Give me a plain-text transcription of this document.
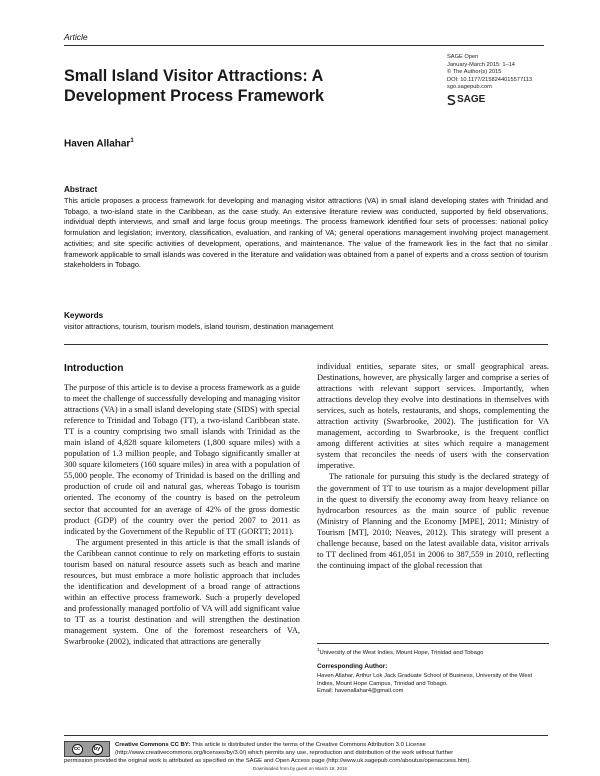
Article
Small Island Visitor Attractions: A Development Process Framework
SAGE Open
January-March 2015: 1–14
© The Author(s) 2015
DOI: 10.1177/2158244015577113
sgo.sagepub.com
SAGE
Haven Allahar$^1$
Abstract
This article proposes a process framework for developing and managing visitor attractions (VA) in small island developing states with Trinidad and Tobago, a two-island state in the Caribbean, as the case study. An extensive literature review was conducted, supported by field observations, individual depth interviews, and small and large focus group meetings. The process framework identified four sets of processes: national policy formulation and legislation; inventory, classification, evaluation, and ranking of VA; general operations management involving project management activities; and site specific activities of development, operations, and maintenance. The value of the framework lies in the fact that no similar framework applicable to small islands was covered in the literature and validation was obtained from a panel of experts and a cross section of tourism stakeholders in Tobago.
Keywords
visitor attractions, tourism, tourism models, island tourism, destination management
Introduction

The purpose of this article is to devise a process framework as a guide to meet the challenge of successfully developing and managing visitor attractions (VA) in a small island developing state (SIDS) with special reference to Trinidad and Tobago (TT), a two-island Caribbean state. TT is a country comprising two small islands with Trinidad as the main island of 4,828 square kilometers (1,800 square miles) with a population of 1.3 million people, and Tobago significantly smaller at 300 square kilometers (160 square miles) in area with a population of 55,000 people. The economy of Trinidad is based on the drilling and production of crude oil and natural gas, whereas Tobago is tourism oriented. The economy of the country is based on the petroleum sector that accounted for an average of 42% of the gross domestic product (GDP) of the country over the period 2007 to 2011 as indicated by the Government of the Republic of TT (GORTT; 2011).

The argument presented in this article is that the small islands of the Caribbean cannot continue to rely on marketing efforts to sustain tourism based on natural resource assets such as beach and marine resources, but must embrace a more holistic approach that includes the identification and development of a broad range of attractions within an effective process framework. Such a properly developed and professionally managed portfolio of VA will add significant value to TT as a tourist destination and will strengthen the destination management system. One of the foremost researchers of VA, Swarbrooke (2002), indicated that attractions are generally

individual entities, separate sites, or small geographical areas. Destinations, however, are physically larger and comprise a series of attractions with relevant support services. Importantly, when attractions develop they evolve into destinations in themselves with services, such as hotels, restaurants, and shops, complementing the attraction activity (Swarbrooke, 2002). The justification for VA management, according to Swarbrooke, is the frequent conflict among different activities at sites which require a management system that reconciles the needs of users with the conservation imperative.

The rationale for pursuing this study is the declared strategy of the government of TT to use tourism as a major development pillar in the quest to diversify the economy away from heavy reliance on hydrocarbon resources as the main source of public revenue (Ministry of Planning and the Economy [MPE], 2011; Ministry of Tourism [MT], 2010; Neaves, 2012). This strategy will present a challenge because, based on the latest available data, visitor arrivals to TT declined from 461,051 in 2006 to 387,559 in 2010, reflecting the continuing impact of the global recession that

$^1$University of the West Indies, Mount Hope, Trinidad and Tobago
Corresponding Author:
Haven Allahar, Arthur Lok Jack Graduate School of Business, University of the West Indies, Mount Hope Campus, Trinidad and Tobago.
Email: havenallahar4@gmail.com
cc	by
Creative Commons CC BY: This article is distributed under the terms of the Creative Commons Attribution 3.0 License (http://www.creativecommons.org/licenses/by/3.0/) which permits any use, reproduction and distribution of the work without further
permission provided the original work is attributed as specified on the SAGE and Open Access page (http://www.uk.sagepub.com/aboutus/openaccess.htm).
Downloaded from by guest on March 19, 2016
